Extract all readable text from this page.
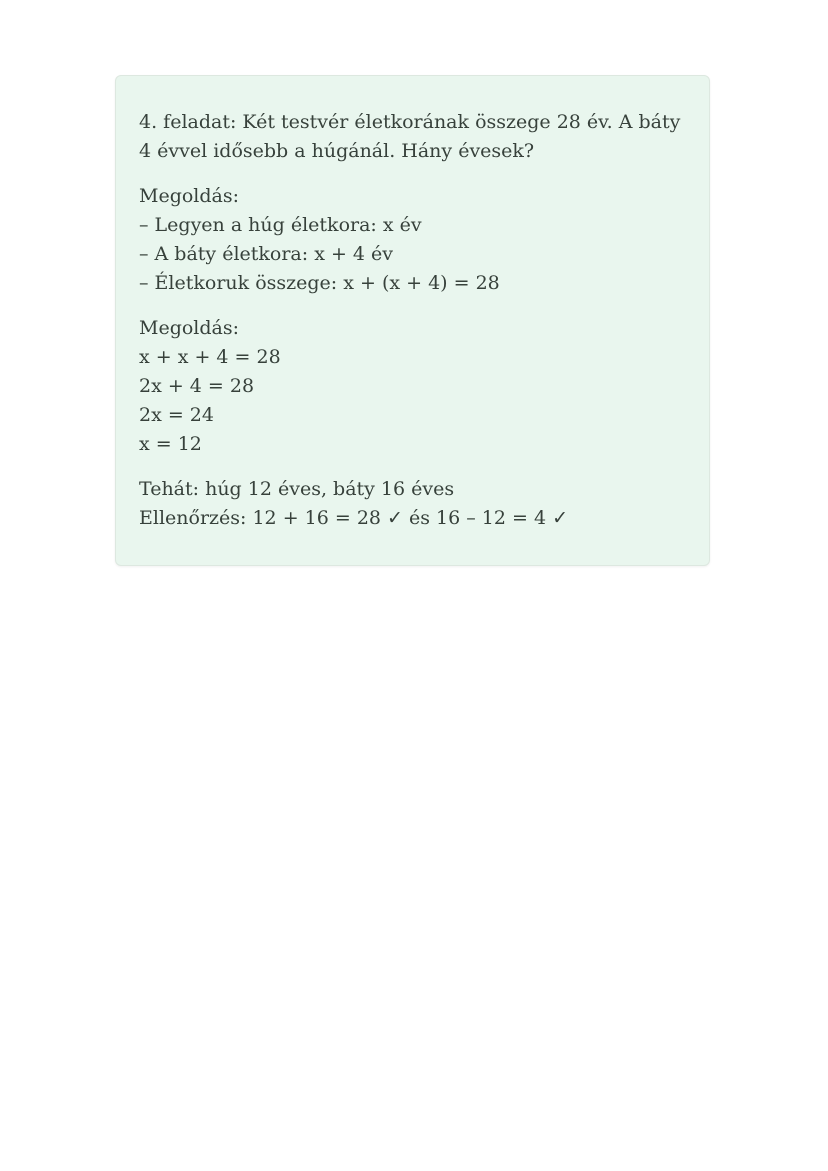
4. feladat: Két testvér életkorának összege 28 év. A báty 4 évvel idősebb a húgánál. Hány évesek?

Megoldás:
– Legyen a húg életkora: x év
– A báty életkora: x + 4 év
– Életkoruk összege: x + (x + 4) = 28

Megoldás:
x + x + 4 = 28
2x + 4 = 28
2x = 24
x = 12

Tehát: húg 12 éves, báty 16 éves
Ellenőrzés: 12 + 16 = 28 ✓ és 16 – 12 = 4 ✓
